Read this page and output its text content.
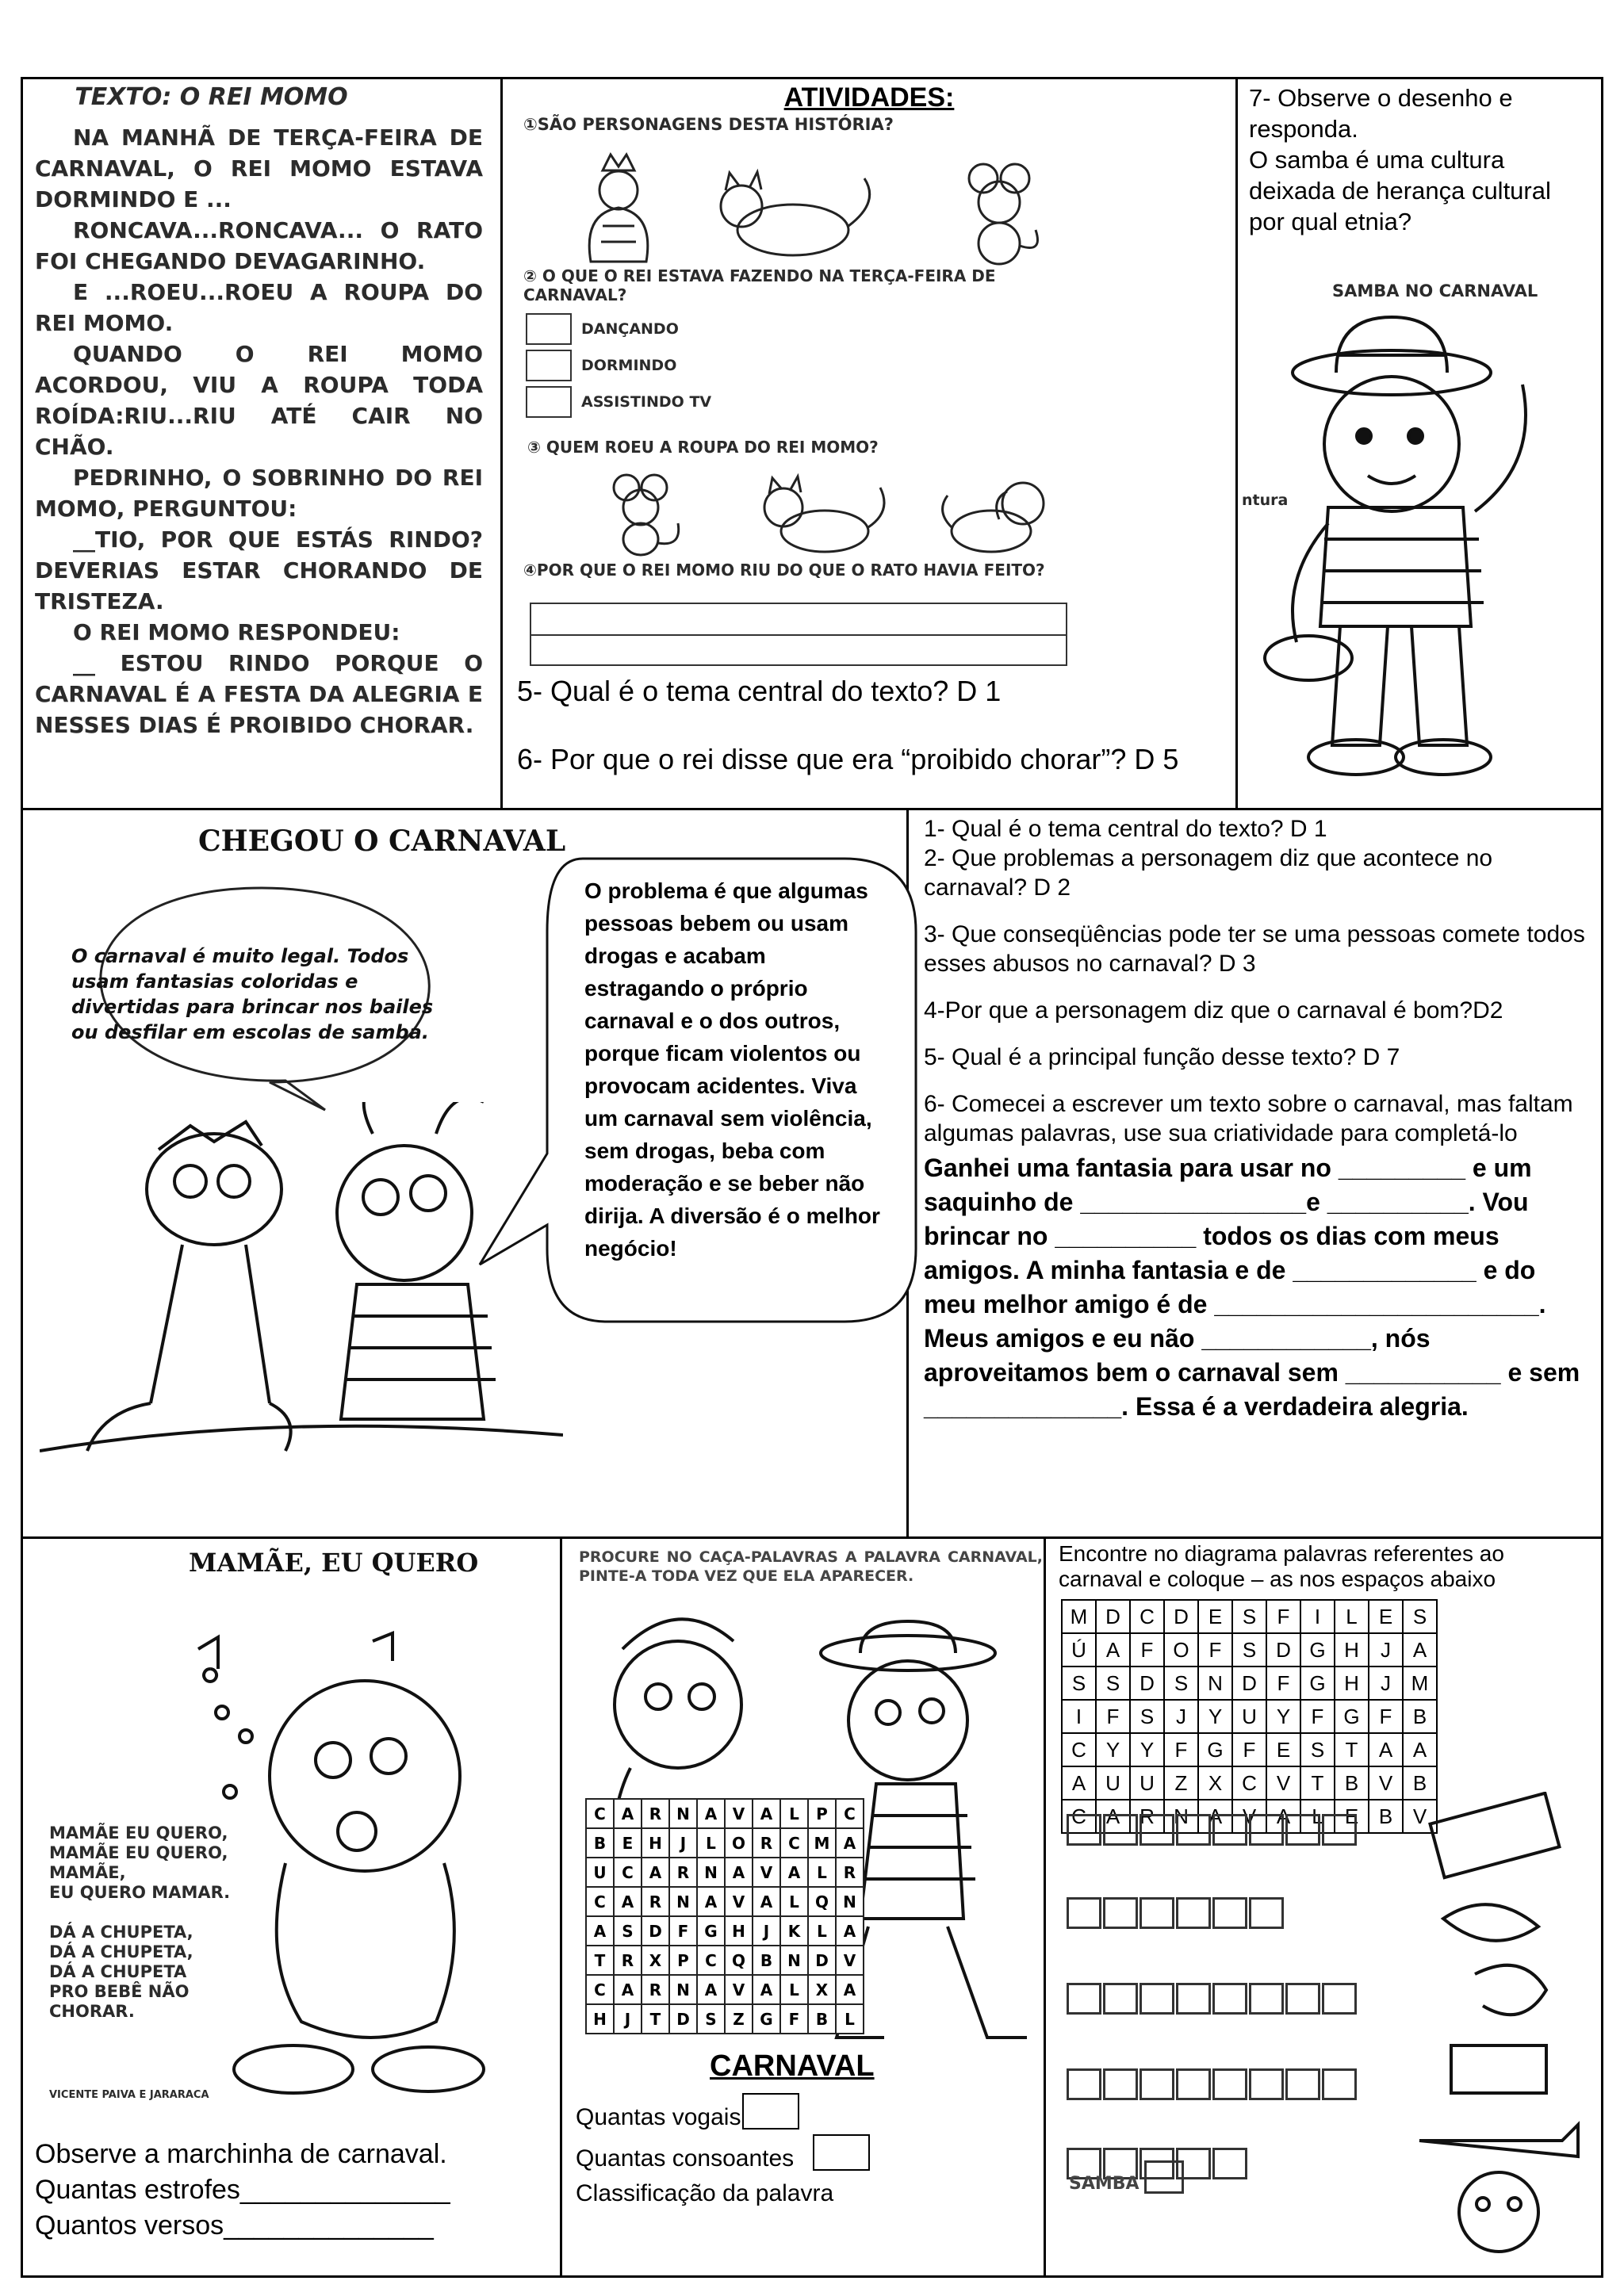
TEXTO: O REI MOMO
NA MANHÃ DE TERÇA-FEIRA DE CARNAVAL, O REI MOMO ESTAVA DORMINDO E ...
RONCAVA...RONCAVA... O RATO FOI CHEGANDO DEVAGARINHO.
E ...ROEU...ROEU A ROUPA DO REI MOMO.
QUANDO O REI MOMO ACORDOU, VIU A ROUPA TODA ROÍDA:RIU...RIU ATÉ CAIR NO CHÃO.
PEDRINHO, O SOBRINHO DO REI MOMO, PERGUNTOU:
__TIO, POR QUE ESTÁS RINDO? DEVERIAS ESTAR CHORANDO DE TRISTEZA.
O REI MOMO RESPONDEU:
__ ESTOU RINDO PORQUE O CARNAVAL É A FESTA DA ALEGRIA E NESSES DIAS É PROIBIDO CHORAR.
ATIVIDADES:
①SÃO PERSONAGENS DESTA HISTÓRIA?
② O QUE O REI ESTAVA FAZENDO NA TERÇA-FEIRA DE CARNAVAL?
DANÇANDO
DORMINDO
ASSISTINDO TV
③ QUEM ROEU A ROUPA DO REI MOMO?
④POR QUE O REI MOMO RIU DO QUE O RATO HAVIA FEITO?
5- Qual é o tema central do texto? D 1
6- Por que o rei disse que era “proibido chorar”? D 5
7- Observe o desenho e responda.
O samba é uma cultura deixada de herança cultural por qual etnia?
SAMBA NO CARNAVAL
ntura
CHEGOU O CARNAVAL
O carnaval é muito legal. Todos usam fantasias coloridas e divertidas para brincar nos bailes ou desfilar em escolas de samba.
O problema é que algumas pessoas bebem ou usam drogas e acabam estragando o próprio carnaval e o dos outros, porque ficam violentos ou provocam acidentes. Viva um carnaval sem violência, sem drogas, beba com moderação e se beber não dirija. A diversão é o melhor negócio!
1- Qual é o tema central do texto? D 1
2- Que problemas a personagem diz que acontece no carnaval? D 2
3- Que conseqüências pode ter se uma pessoas comete todos esses abusos no carnaval? D 3
4-Por que a personagem diz que o carnaval é bom?D2
5- Qual é a principal função desse texto? D 7
6- Comecei a escrever um texto sobre o carnaval, mas faltam algumas palavras, use sua criatividade para completá-lo
Ganhei uma fantasia para usar no _________ e um saquinho de ________________e __________. Vou brincar no __________ todos os dias com meus amigos. A minha fantasia e de _____________ e do meu melhor amigo é de _______________________. Meus amigos e eu não ____________, nós aproveitamos bem o carnaval sem ___________ e sem ______________. Essa é a verdadeira alegria.
MAMÃE, EU QUERO
MAMÃE EU QUERO,
MAMÃE EU QUERO,
MAMÃE,
EU QUERO MAMAR.
DÁ A CHUPETA,
DÁ A CHUPETA,
DÁ A CHUPETA
PRO BEBÊ NÃO
CHORAR.
VICENTE PAIVA E JARARACA
Observe a marchinha de carnaval.
Quantas estrofes______________
Quantos versos______________
PROCURE NO CAÇA-PALAVRAS A PALAVRA CARNAVAL, PINTE-A TODA VEZ QUE ELA APARECER.
C	A	R	N	A	V	A	L	P	C
B	E	H	J	L	O	R	C	M	A
U	C	A	R	N	A	V	A	L	R
C	A	R	N	A	V	A	L	Q	N
A	S	D	F	G	H	J	K	L	A
T	R	X	P	C	Q	B	N	D	V
C	A	R	N	A	V	A	L	X	A
H	J	T	D	S	Z	G	F	B	L
CARNAVAL
Quantas vogais
Quantas consoantes
Classificação da palavra
Encontre no diagrama palavras referentes ao carnaval e coloque – as nos espaços abaixo
M	D	C	D	E	S	F	I	L	E	S
Ú	A	F	O	F	S	D	G	H	J	A
S	S	D	S	N	D	F	G	H	J	M
I	F	S	J	Y	U	Y	F	G	F	B
C	Y	Y	F	G	F	E	S	T	A	A
A	U	U	Z	X	C	V	T	B	V	B
C	A	R	N	A	V	A	L	E	B	V
SAMBA
